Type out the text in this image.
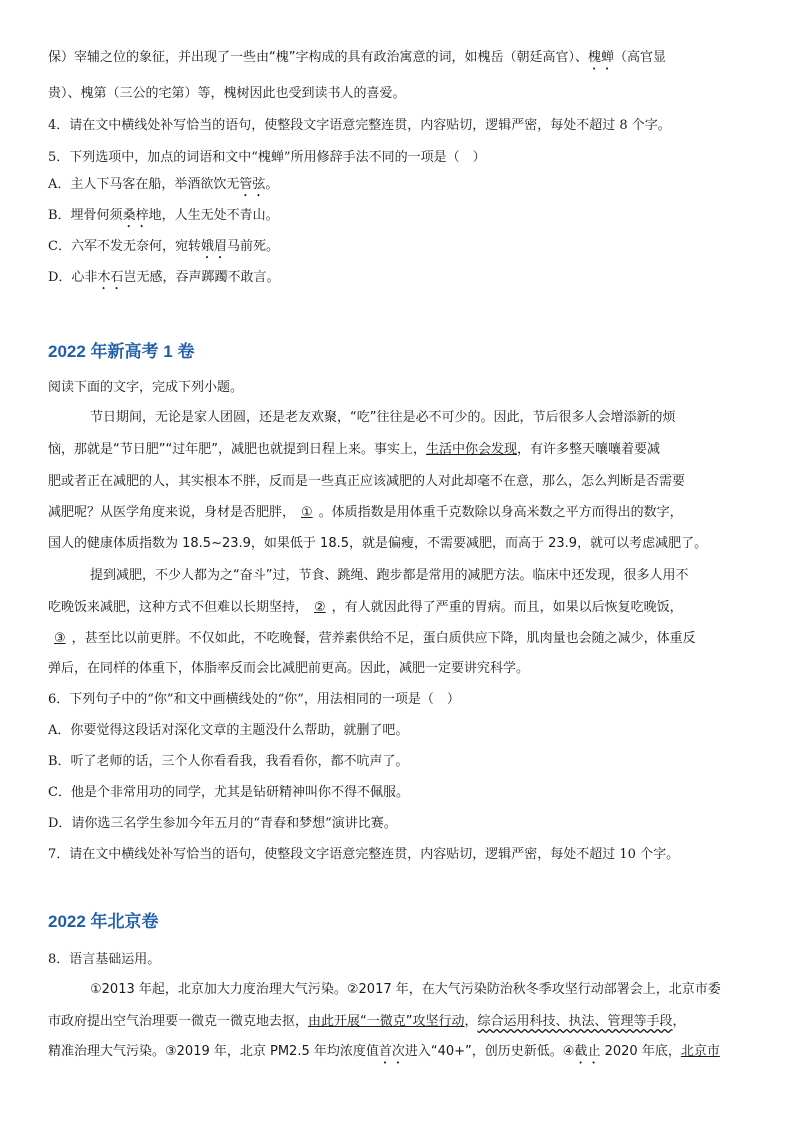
保）宰辅之位的象征，并出现了一些由“槐”字构成的具有政治寓意的词，如槐岳（朝廷高官）、槐蝉（高官显
贵）、槐第（三公的宅第）等，槐树因此也受到读书人的喜爱。
4．请在文中横线处补写恰当的语句，使整段文字语意完整连贯，内容贴切，逻辑严密，每处不超过 8 个字。
5．下列选项中，加点的词语和文中“槐蝉”所用修辞手法不同的一项是（　）
A．主人下马客在船，举酒欲饮无管弦。
B．埋骨何须桑梓地，人生无处不青山。
C．六军不发无奈何，宛转娥眉马前死。
D．心非木石岂无感，吞声踯躅不敢言。
2022 年新高考 1 卷
阅读下面的文字，完成下列小题。
节日期间，无论是家人团圆，还是老友欢聚，“吃”往往是必不可少的。因此，节后很多人会增添新的烦
恼，那就是“节日肥”“过年肥”，减肥也就提到日程上来。事实上，生活中你会发现，有许多整天嚷嚷着要减
肥或者正在减肥的人，其实根本不胖，反而是一些真正应该减肥的人对此却毫不在意，那么，怎么判断是否需要
减肥呢？从医学角度来说，身材是否肥胖， ① 。体质指数是用体重千克数除以身高米数之平方而得出的数字，
国人的健康体质指数为 18.5~23.9，如果低于 18.5，就是偏瘦，不需要减肥，而高于 23.9，就可以考虑减肥了。
提到减肥，不少人都为之“奋斗”过，节食、跳绳、跑步都是常用的减肥方法。临床中还发现，很多人用不
吃晚饭来减肥，这种方式不但难以长期坚持， ② ，有人就因此得了严重的胃病。而且，如果以后恢复吃晚饭，
③ ，甚至比以前更胖。不仅如此，不吃晚餐，营养素供给不足，蛋白质供应下降，肌肉量也会随之减少，体重反
弹后，在同样的体重下，体脂率反而会比减肥前更高。因此，减肥一定要讲究科学。
6．下列句子中的“你”和文中画横线处的“你”，用法相同的一项是（　）
A．你要觉得这段话对深化文章的主题没什么帮助，就删了吧。
B．听了老师的话，三个人你看看我，我看看你，都不吭声了。
C．他是个非常用功的同学，尤其是钻研精神叫你不得不佩服。
D．请你选三名学生参加今年五月的“青春和梦想”演讲比赛。
7．请在文中横线处补写恰当的语句，使整段文字语意完整连贯，内容贴切，逻辑严密，每处不超过 10 个字。
2022 年北京卷
8．语言基础运用。
①2013 年起，北京加大力度治理大气污染。②2017 年，在大气污染防治秋冬季攻坚行动部署会上，北京市委
市政府提出空气治理要一微克一微克地去抠，由此开展“一微克”攻坚行动，综合运用科技、执法、管理等手段，
精准治理大气污染。③2019 年，北京 PM2.5 年均浓度值首次进入“40+”，创历史新低。④截止 2020 年底，北京市
